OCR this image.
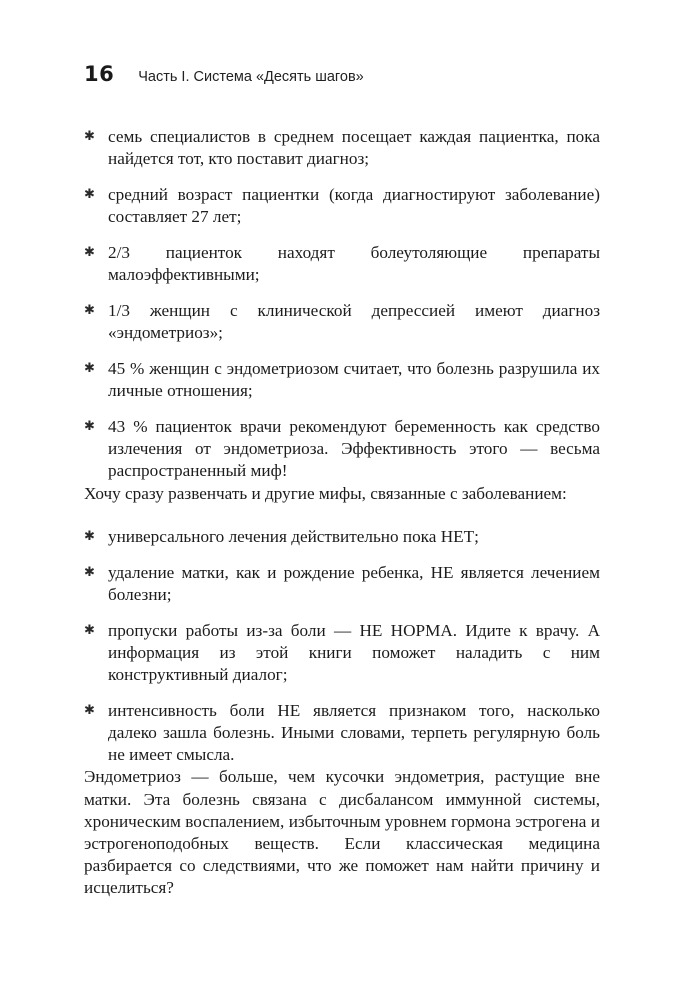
16 Часть I. Система «Десять шагов»
✱ семь специалистов в среднем посещает каждая пациентка, пока найдется тот, кто поставит диагноз;
✱ средний возраст пациентки (когда диагностируют заболевание) составляет 27 лет;
✱ 2/3 пациенток находят болеутоляющие препараты малоэффективными;
✱ 1/3 женщин с клинической депрессией имеют диагноз «эндометриоз»;
✱ 45 % женщин с эндометриозом считает, что болезнь разрушила их личные отношения;
✱ 43 % пациенток врачи рекомендуют беременность как средство излечения от эндометриоза. Эффективность этого — весьма распространенный миф!

Хочу сразу развенчать и другие мифы, связанные с заболеванием:

✱ универсального лечения действительно пока НЕТ;
✱ удаление матки, как и рождение ребенка, НЕ является лечением болезни;
✱ пропуски работы из-за боли — НЕ НОРМА. Идите к врачу. А информация из этой книги поможет наладить с ним конструктивный диалог;
✱ интенсивность боли НЕ является признаком того, насколько далеко зашла болезнь. Иными словами, терпеть регулярную боль не имеет смысла.

Эндометриоз — больше, чем кусочки эндометрия, растущие вне матки. Эта болезнь связана с дисбалансом иммунной системы, хроническим воспалением, избыточным уровнем гормона эстрогена и эстрогеноподобных веществ. Если классическая медицина разбирается со следствиями, что же поможет нам найти причину и исцелиться?
